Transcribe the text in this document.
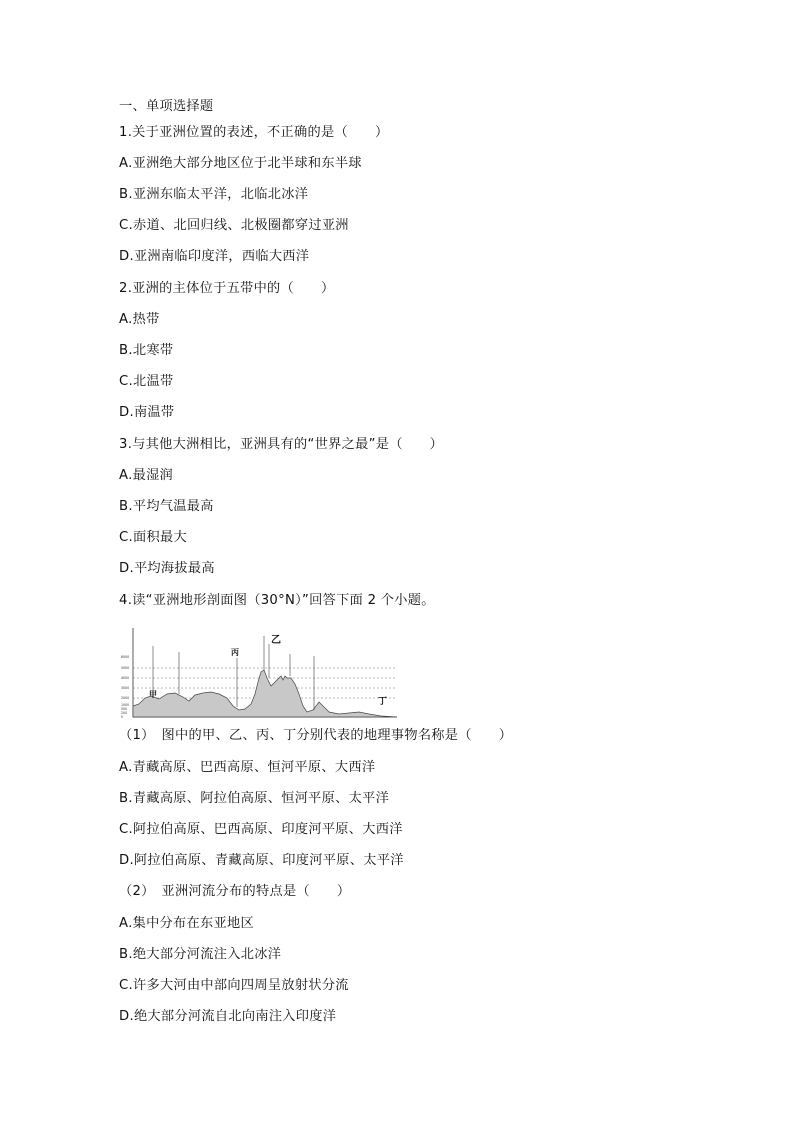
一、单项选择题
1.关于亚洲位置的表述，不正确的是（　　）
A.亚洲绝大部分地区位于北半球和东半球
B.亚洲东临太平洋，北临北冰洋
C.赤道、北回归线、北极圈都穿过亚洲
D.亚洲南临印度洋，西临大西洋
2.亚洲的主体位于五带中的（　　）
A.热带
B.北寒带
C.北温带
D.南温带
3.与其他大洲相比，亚洲具有的“世界之最”是（　　）
A.最湿润
B.平均气温最高
C.面积最大
D.平均海拔最高
4.读“亚洲地形剖面图（30°N）”回答下面 2 个小题。
6000
5000
4000
3000
2000
1000
500
200
0
甲
乙
丙
丁
（1）　图中的甲、乙、丙、丁分别代表的地理事物名称是（　　）
A.青藏高原、巴西高原、恒河平原、大西洋
B.青藏高原、阿拉伯高原、恒河平原、太平洋
C.阿拉伯高原、巴西高原、印度河平原、大西洋
D.阿拉伯高原、青藏高原、印度河平原、太平洋
（2）　亚洲河流分布的特点是（　　）
A.集中分布在东亚地区
B.绝大部分河流注入北冰洋
C.许多大河由中部向四周呈放射状分流
D.绝大部分河流自北向南注入印度洋
